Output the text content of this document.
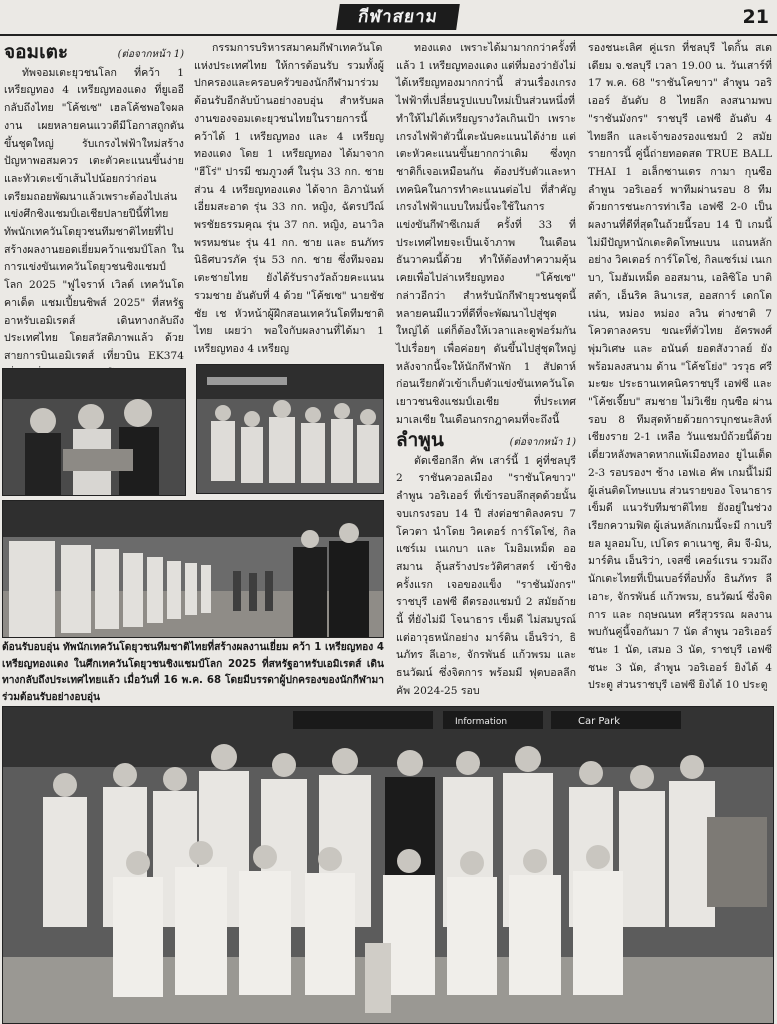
กีฬาสยาม	21
จอมเตะ	(ต่อจากหน้า 1)

ทัพจอมเตะยุวชนโลก ที่คว้า 1 เหรียญทอง 4 เหรียญทองแดง ที่ยูเออี กลับถึงไทย "โค้ชเซ" เฮลโค้ชพอใจผลงาน เผยหลายคนแววดีมีโอกาสถูกดันขึ้นชุดใหญ่ รับเกรงไฟฟ้าใหม่สร้างปัญหาพอสมควร เตะตัวคะแนนขึ้นง่าย และทัวเตะเข้าเส้นไปน้อยกว่าก่อนเตรียมถอยพัฒนาแล้วเพราะต้องไปเล่นแข่งศึกชิงแชมป์เอเชียปลายปีนี้ที่ไทย ทัพนักเทควันโดยุวชนทีมชาติไทยที่ไปสร้างผลงานยอดเยี่ยมคว้าแชมป์โลก ในการแข่งขันเทควันโดยุวชนชิงแชมป์โลก 2025 "ฟูไจราห์ เวิลด์ เทควันโด คาเด็ต แชมเปี้ยนชิพส์ 2025" ที่สหรัฐอาหรับเอมิเรตส์ เดินทางกลับถึงประเทศไทย โดยสวัสดิภาพแล้ว ด้วยสายการบินเอมิเรตส์ เที่ยวบิน EK374

กรรมการบริหารสมาคมกีฬาเทควันโดแห่งประเทศไทย ให้การต้อนรับ รวมทั้งผู้ปกครองและครอบครัวของนักกีฬามาร่วมต้อนรับอีกลับบ้านอย่างอบอุ่น สำหรับผลงานของจอมเตะยุวชนไทยในรายการนี้ คว้าได้ 1 เหรียญทอง และ 4 เหรียญทองแดง โดย 1 เหรียญทอง ได้มาจาก "ฮีโร่" ปารมี ชมภูวงศ์ ในรุ่น 33 กก. ชาย ส่วน 4 เหรียญทองแดง ได้จาก อิภานันท์ เอี่ยมสะอาด รุ่น 33 กก. หญิง, ฉัตรปวีณ์ พรชัยธรรมคุณ รุ่น 37 กก. หญิง, อนาวิล พรหมชนะ รุ่น 41 กก. ชาย และ ธนภัทร นิธิศบวรภัค รุ่น 53 กก. ชาย ซึ่งทีมจอมเตะชายไทย ยังได้รับรางวัลถ้วยคะแนนรวมชาย อันดับที่ 4 ด้วย "โค้ชเซ" นายชัชชัย เช หัวหน้าผู้ฝึกสอนเทควันโดทีมชาติไทย เผยว่า พอใจกับผลงานที่ได้มา 1 เหรียญทอง 4 เหรียญ

ทองแดง เพราะได้มามากกว่าครั้งที่แล้ว 1 เหรียญทองแดง แต่ที่มองว่ายังไม่ได้เหรียญทองมากกว่านี้ ส่วนเรื่องเกรงไฟฟ้าที่เปลี่ยนรูปแบบใหม่เป็นส่วนหนึ่งที่ทำให้ไม่ได้เหรียญรางวัลเกินเป้า เพราะเกรงไฟฟ้าตัวนี้เตะนับคะแนนได้ง่าย แต่เตะหัวคะแนนขึ้นยากกว่าเดิม ซึ่งทุกชาติก็เจอเหมือนกัน ต้องปรับตัวและหาเทคนิคในการทำคะแนนต่อไป ที่สำคัญเกรงไฟฟ้าแบบใหม่นี้จะใช้ในการแข่งขันกีฬาซีเกมส์ ครั้งที่ 33 ที่ประเทศไทยจะเป็นเจ้าภาพ ในเดือนธันวาคมนี้ด้วย ทำให้ต้องทำความคุ้นเคยเพื่อไปล่าเหรียญทอง "โค้ชเซ" กล่าวอีกว่า สำหรับนักกีฬายุวชนชุดนี้หลายคนมีแววที่ดีที่จะพัฒนาไปสู่ชุดใหญ่ได้ แต่ก็ต้องให้เวลาและดูฟอร์มกันไปเรื่อยๆ เพื่อค่อยๆ ดันขึ้นไปสู่ชุดใหญ่ หลังจากนี้จะให้นักกีฬาพัก 1 สัปดาห์ ก่อนเรียกตัวเข้าเก็บตัวแข่งขันเทควันโดเยาวชนชิงแชมป์เอเชีย ที่ประเทศมาเลเซีย ในเดือนกรกฎาคมที่จะถึงนี้

ลำพูน	(ต่อจากหน้า 1)

ตัดเชือกลีก คัพ เสาร์นี้ 1 คู่ที่ชลบุรี 2 ราชันควอลเมือง "ราชันโคขาว" ลำพูน วอริเออร์ ที่เข้ารอบลึกสุดด้วยนั้นจบเกรงรอบ 14 ปี ส่งต่อชาติลงครบ 7 โควตา นำโดย วิคเตอร์ การ์โดโซ่, กิลแซร์เม เนเกบา และ โมอิมเหม็ด ออสมาน ลุ้นสร้างประวัติศาสตร์ เข้าชิงครั้งแรก เจอของแข็ง "ราชันมังกร" ราชบุรี เอฟซี ดีตรองแชมป์ 2 สมัยถ้ายนี้ ที่ยังไม่มี โจนาธาร เข็มดี ไม่สมบูรณ์ แต่อาวุธหนักอย่าง มาร์ติน เอ็นริว่า, ธินภัทร ลีเอาะ, จักรพันธ์ แก้วพรม และ ธนวัฒน์ ซึ่งจิตการ พร้อมมี ฟุตบอลลีก คัพ 2024-25 รอบ

รองชนะเลิศ คู่แรก ที่ชลบุรี ไดกิ้น สเตเดียม จ.ชลบุรี เวลา 19.00 น. วันเสาร์ที่ 17 พ.ค. 68 "ราชันโคขาว" ลำพูน วอริเออร์ อันดับ 8 ไทยลีก ลงสนามพบ "ราชันมังกร" ราชบุรี เอฟซี อันดับ 4 ไทยลีก และเจ้าของรองแชมป์ 2 สมัยรายการนี้ คู่นี้ถ่ายทอดสด TRUE BALL THAI 1 อเล็กซานเดร กามา กุนซือลำพูน วอริเออร์ พาทีมผ่านรอบ 8 ทีมด้วยการชนะการท่าเรือ เอฟซี 2-0 เป็นผลงานที่ดีที่สุดในถ้วยนี้รอบ 14 ปี เกมนี้ไม่มีปัญหานักเตะติดโทษแบน แถนหลักอย่าง วิคเตอร์ การ์โดโซ่, กิลแซร์เม่ เนเกบา, โมฮัมเหม็ด ออสมาน, เอลิซิโอ บาติสต้า, เอ็นริค ลินาเรส, ออสการ์ เดกโตเน่น, หม่อง หม่อง ลวิน ต่างชาติ 7 โควตาลงครบ ขณะที่ตัวไทย อัครพงศ์ พุ่มวิเศษ และ อนันต์ ยอดสังวาลย์ ยังพร้อมลงสนาม ด้าน "โค้ชโย่ง" วรวุธ ศรีมะฆะ ประธานเทคนิคราชบุรี เอฟซี และ "โค้ชเจี๊ยบ" สมชาย ไม่วิเชีย กุนซือ ผ่านรอบ 8 ทีมสุดท้ายด้วยการบุกชนะสิงห์ เชียงราย 2-1 เหลือ วันแชมป์ถ้วยนี้ด้วยเดี่ยวหลังพลาดหากแพ้เมืองทอง ยูไนเต็ด 2-3 รอบรองฯ ช้าง เอฟเอ คัพ เกมนี้ไม่มีผู้เล่นติดโทษแบน ส่วนรายของ โจนาธาร เข็มดี แนวรับทีมชาติไทย ยังอยู่ในช่วงเรียกความฟิต ผู้เล่นหลักเกมนี้จะมี กาเบรียล มูลอมโบ, เปโดร ดาเนาซู, คิม จี-มิน, มาร์ติน เอ็นริว่า, เจสซี่ เคอร์แรน รวมถึงนักเตะไทยที่เป็นเบอร์ที่อปทั้ง ธินภัทร ลีเอาะ, จักรพันธ์ แก้วพรม, ธนวัฒน์ ซึ่งจิตการ และ กฤษณนท ศรีสุวรรณ ผลงานพบกันคู่นี้จอกันมา 7 นัด ลำพูน วอริเออร์ ชนะ 1 นัด, เสมอ 3 นัด, ราชบุรี เอฟซี ชนะ 3 นัด, ลำพูน วอริเออร์ ยิงได้ 4 ประตู ส่วนราชบุรี เอฟซี ยิงได้ 10 ประตู

ต้อนรับอบอุ่น ทัพนักเทควันโดยุวชนทีมชาติไทยที่สร้างผลงานเยี่ยม คว้า 1 เหรียญทอง 4 เหรียญทองแดง ในศึกเทควันโดยุวชนชิงแชมป์โลก 2025 ที่สหรัฐอาหรับเอมิเรตส์ เดินทางกลับถึงประเทศไทยแล้ว เมื่อวันที่ 16 พ.ค. 68 โดยมีบรรดาผู้ปกครองของนักกีฬามาร่วมต้อนรับอย่างอบอุ่น
Car Park
Information
